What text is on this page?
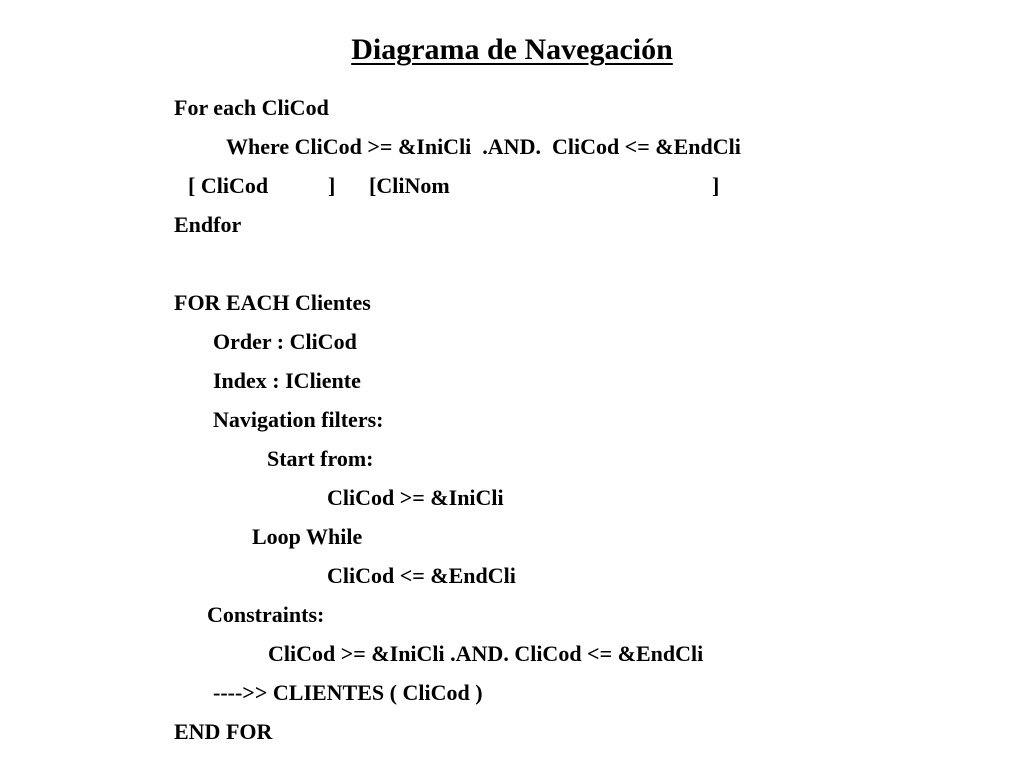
Diagrama de Navegación
For each CliCod
Where CliCod >= &IniCli  .AND.  CliCod <= &EndCli
[ CliCod	] [CliNom	]
Endfor
FOR EACH Clientes
Order : CliCod
Index : ICliente
Navigation filters:
Start from:
CliCod >= &IniCli
Loop While
CliCod <= &EndCli
Constraints:
CliCod >= &IniCli .AND. CliCod <= &EndCli
---->> CLIENTES ( CliCod )
END FOR
